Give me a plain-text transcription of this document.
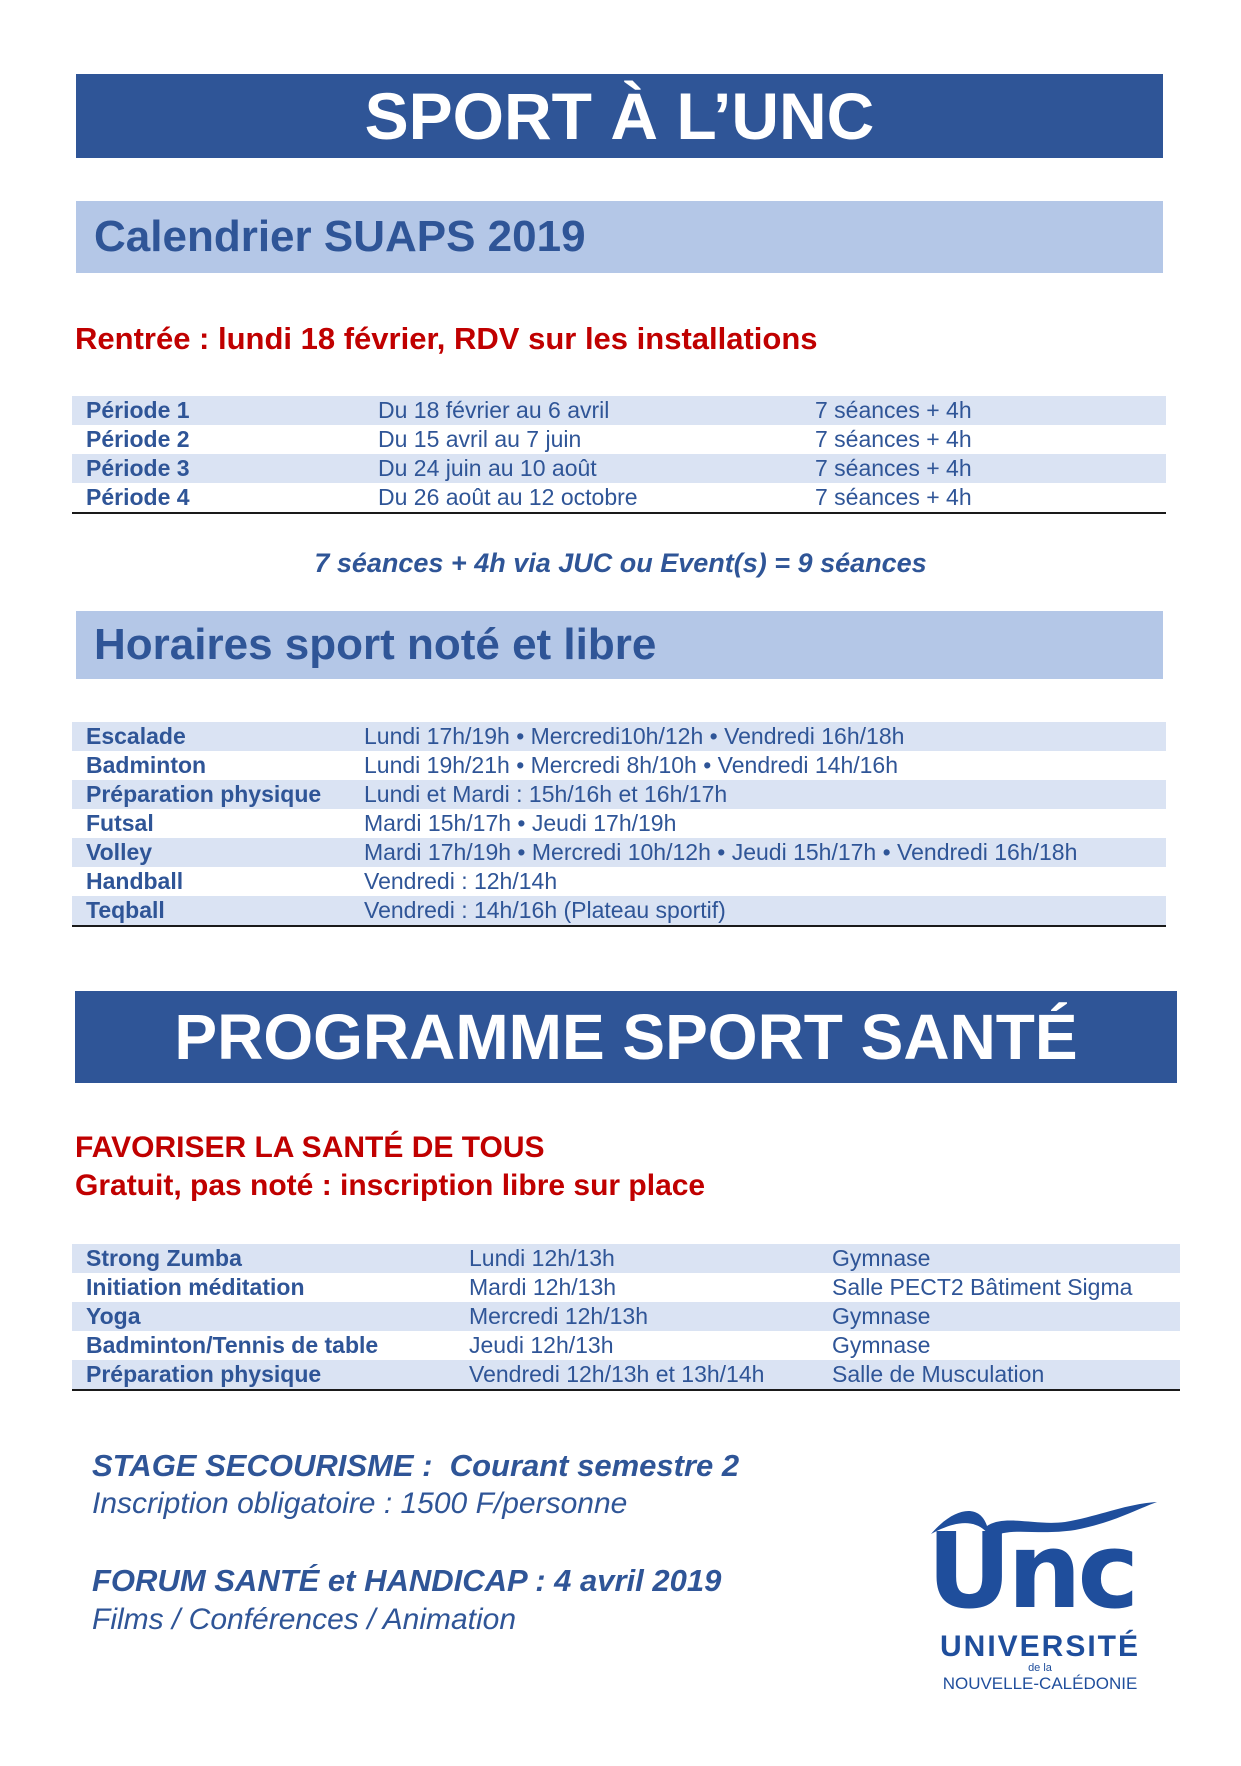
SPORT À L’UNC
Calendrier SUAPS 2019
Rentrée : lundi 18 février, RDV sur les installations
Période 1	Du 18 février au 6 avril	7 séances + 4h
Période 2	Du 15 avril au 7 juin	7 séances + 4h
Période 3	Du 24 juin au 10 août	7 séances + 4h
Période 4	Du 26 août au 12 octobre	7 séances + 4h
7 séances + 4h via JUC ou Event(s) = 9 séances
Horaires sport noté et libre
Escalade	Lundi 17h/19h • Mercredi10h/12h • Vendredi 16h/18h
Badminton	Lundi 19h/21h • Mercredi 8h/10h • Vendredi 14h/16h
Préparation physique Lundi et Mardi : 15h/16h et 16h/17h
Futsal	Mardi 15h/17h • Jeudi 17h/19h
Volley	Mardi 17h/19h • Mercredi 10h/12h • Jeudi 15h/17h • Vendredi 16h/18h
Handball	Vendredi : 12h/14h
Teqball	Vendredi : 14h/16h (Plateau sportif)
PROGRAMME SPORT SANTÉ
FAVORISER LA SANTÉ DE TOUS
Gratuit, pas noté : inscription libre sur place
Strong Zumba	Lundi 12h/13h	Gymnase
Initiation méditation	Mardi 12h/13h	Salle PECT2 Bâtiment Sigma
Yoga	Mercredi 12h/13h	Gymnase
Badminton/Tennis de table	Jeudi 12h/13h	Gymnase
Préparation physique	Vendredi 12h/13h et 13h/14h	Salle de Musculation
STAGE SECOURISME :  Courant semestre 2
Inscription obligatoire : 1500 F/personne
FORUM SANTÉ et HANDICAP : 4 avril 2019
Films / Conférences / Animation	Unc
UNIVERSITÉ
de la
NOUVELLE-CALÉDONIE
